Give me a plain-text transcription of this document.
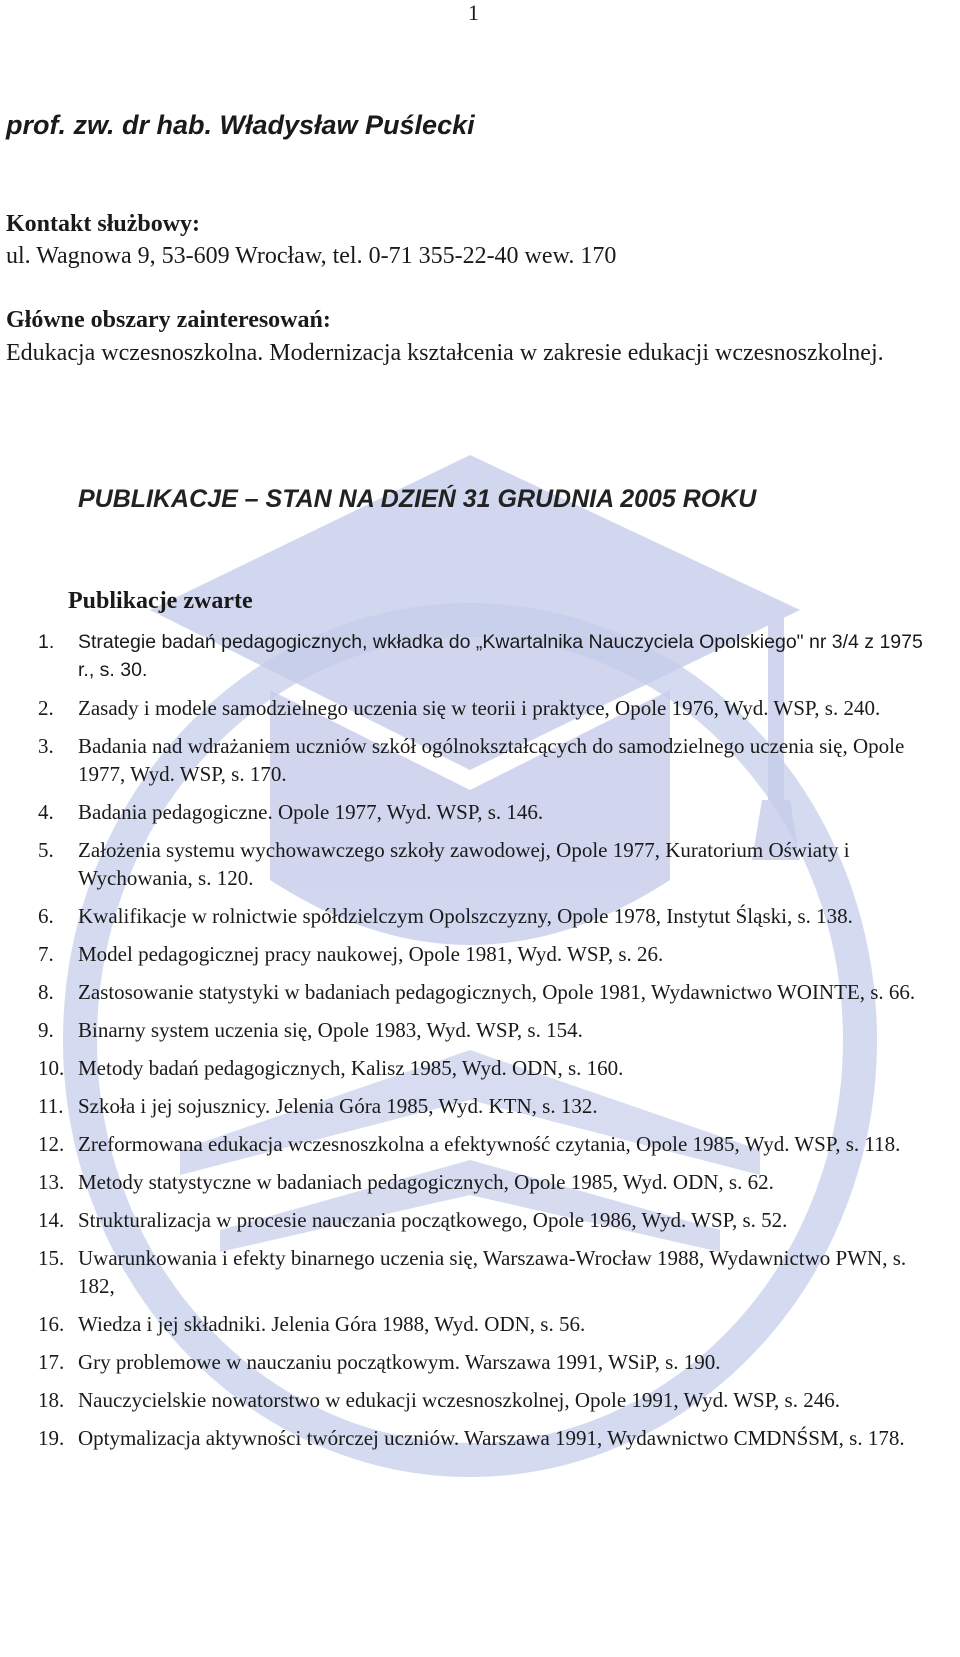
1
prof. zw. dr hab. Władysław Puślecki
Kontakt służbowy:
ul. Wagnowa 9, 53-609 Wrocław, tel. 0-71 355-22-40 wew. 170
Główne obszary zainteresowań:
Edukacja wczesnoszkolna. Modernizacja kształcenia w zakresie edukacji wczesnoszkolnej.
PUBLIKACJE – STAN NA DZIEŃ 31 GRUDNIA 2005 ROKU
Publikacje zwarte
1. Strategie badań pedagogicznych, wkładka do „Kwartalnika Nauczyciela Opolskiego" nr 3/4 z 1975 r., s. 30.
2. Zasady i modele samodzielnego uczenia się w teorii i praktyce, Opole 1976, Wyd. WSP, s. 240.
3. Badania nad wdrażaniem uczniów szkół ogólnokształcących do samodzielnego uczenia się, Opole 1977, Wyd. WSP, s. 170.
4. Badania pedagogiczne. Opole 1977, Wyd. WSP, s. 146.
5. Założenia systemu wychowawczego szkoły zawodowej, Opole 1977, Kuratorium Oświaty i Wychowania, s. 120.
6. Kwalifikacje w rolnictwie spółdzielczym Opolszczyzny, Opole 1978, Instytut Śląski, s. 138.
7. Model pedagogicznej pracy naukowej, Opole 1981, Wyd. WSP, s. 26.
8. Zastosowanie statystyki w badaniach pedagogicznych, Opole 1981, Wydawnictwo WOINTE, s. 66.
9. Binarny system uczenia się, Opole 1983, Wyd. WSP, s. 154.
10. Metody badań pedagogicznych, Kalisz 1985, Wyd. ODN, s. 160.
11. Szkoła i jej sojusznicy. Jelenia Góra 1985, Wyd. KTN, s. 132.
12. Zreformowana edukacja wczesnoszkolna a efektywność czytania, Opole 1985, Wyd. WSP, s. 118.
13. Metody statystyczne w badaniach pedagogicznych, Opole 1985, Wyd. ODN, s. 62.
14. Strukturalizacja w procesie nauczania początkowego, Opole 1986, Wyd. WSP, s. 52.
15. Uwarunkowania i efekty binarnego uczenia się, Warszawa-Wrocław 1988, Wydawnictwo PWN, s. 182,
16. Wiedza i jej składniki. Jelenia Góra 1988, Wyd. ODN, s. 56.
17. Gry problemowe w nauczaniu początkowym. Warszawa 1991, WSiP, s. 190.
18. Nauczycielskie nowatorstwo w edukacji wczesnoszkolnej, Opole 1991, Wyd. WSP, s. 246.
19. Optymalizacja aktywności twórczej uczniów. Warszawa 1991, Wydawnictwo CMDNŚSM, s. 178.
